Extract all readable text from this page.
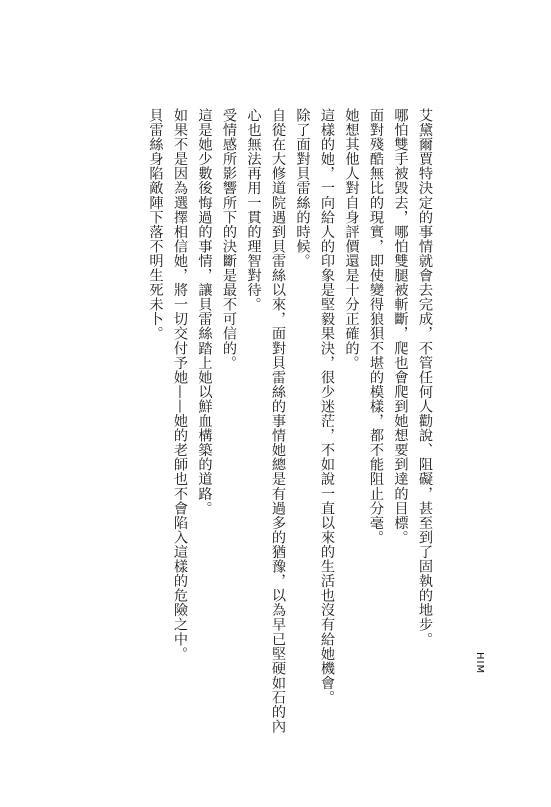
HIM

艾黛爾賈特決定的事情就會去完成，不管任何人勸說、阻礙，甚至到了固執的地步。

哪怕雙手被毀去，哪怕雙腿被斬斷，爬也會爬到她想要到達的目標。

面對殘酷無比的現實，即使變得狼狽不堪的模樣，都不能阻止分毫。

她想其他人對自身評價還是十分正確的。

這樣的她，一向給人的印象是堅毅果決，很少迷茫，不如說一直以來的生活也沒有給她機會。

除了面對貝雷絲的時候。

自從在大修道院遇到貝雷絲以來，面對貝雷絲的事情她總是有過多的猶豫，以為早已堅硬如石的內心也無法再用一貫的理智對待。

受情感所影響所下的決斷是最不可信的。

這是她少數後悔過的事情，讓貝雷絲踏上她以鮮血構築的道路。

如果不是因為選擇相信她，將一切交付予她——她的老師也不會陷入這樣的危險之中。

貝雷絲身陷敵陣下落不明生死未卜。
